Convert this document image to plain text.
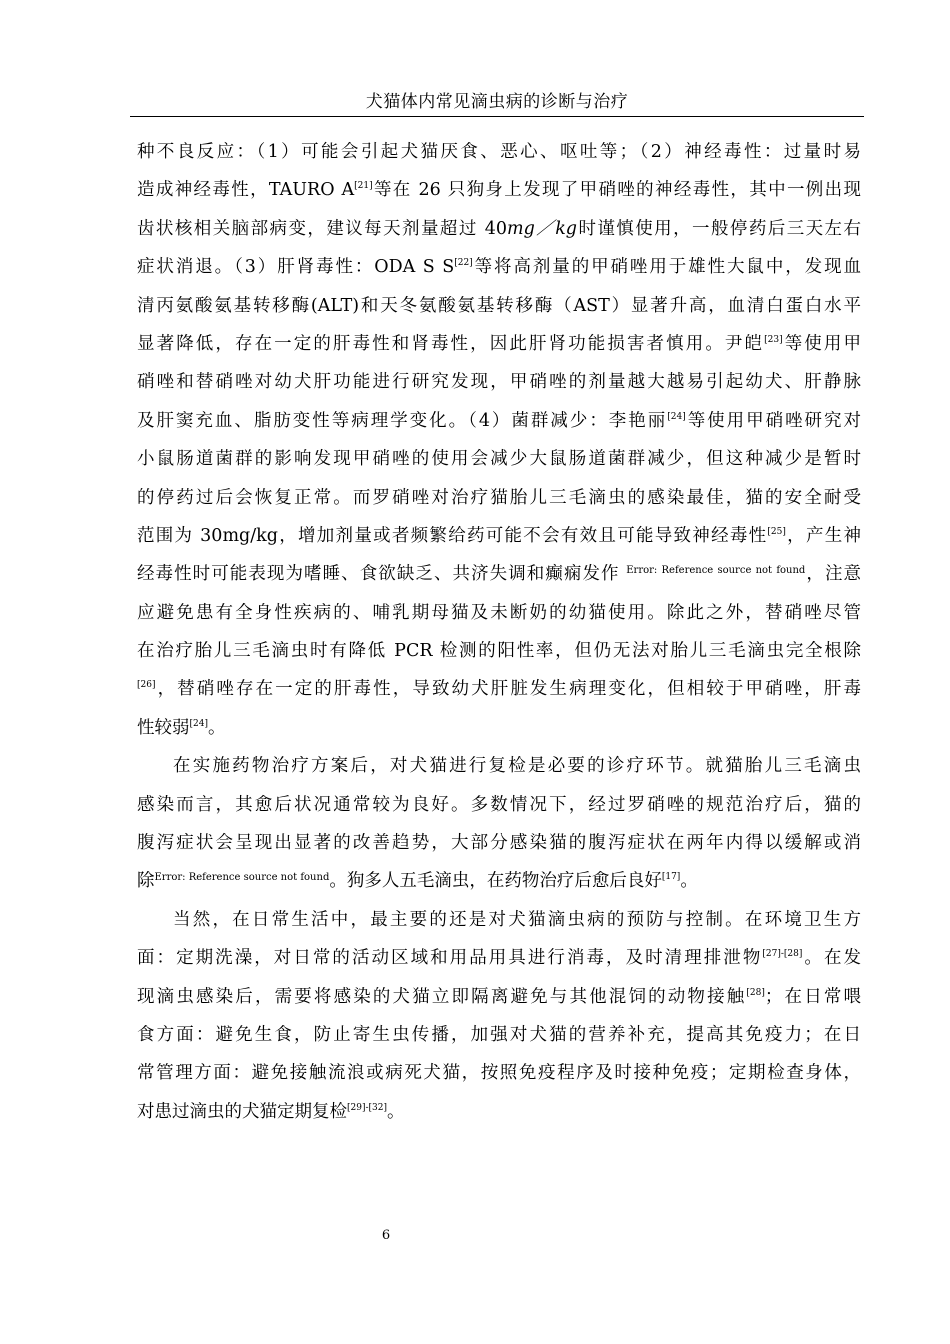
犬猫体内常见滴虫病的诊断与治疗
种不良反应：（1）可能会引起犬猫厌食、恶心、呕吐等；（2）神经毒性：过量时易
造成神经毒性，TAURO A[21]等在 26 只狗身上发现了甲硝唑的神经毒性，其中一例出现
齿状核相关脑部病变，建议每天剂量超过 40mg／kg时谨慎使用，一般停药后三天左右
症状消退。（3）肝肾毒性：ODA S S[22]等将高剂量的甲硝唑用于雄性大鼠中，发现血
清丙氨酸氨基转移酶(ALT)和天冬氨酸氨基转移酶（AST）显著升高，血清白蛋白水平
显著降低，存在一定的肝毒性和肾毒性，因此肝肾功能损害者慎用。尹皑[23]等使用甲
硝唑和替硝唑对幼犬肝功能进行研究发现，甲硝唑的剂量越大越易引起幼犬、肝静脉
及肝窦充血、脂肪变性等病理学变化。（4）菌群减少：李艳丽[24]等使用甲硝唑研究对
小鼠肠道菌群的影响发现甲硝唑的使用会减少大鼠肠道菌群减少，但这种减少是暂时
的停药过后会恢复正常。而罗硝唑对治疗猫胎儿三毛滴虫的感染最佳，猫的安全耐受
范围为 30mg/kg，增加剂量或者频繁给药可能不会有效且可能导致神经毒性[25]，产生神
经毒性时可能表现为嗜睡、食欲缺乏、共济失调和癫痫发作 $^{Error: Reference source not found}$，注意
应避免患有全身性疾病的、哺乳期母猫及未断奶的幼猫使用。除此之外，替硝唑尽管
在治疗胎儿三毛滴虫时有降低 PCR 检测的阳性率，但仍无法对胎儿三毛滴虫完全根除
[26]，替硝唑存在一定的肝毒性，导致幼犬肝脏发生病理变化，但相较于甲硝唑，肝毒
性较弱[24]。
在实施药物治疗方案后，对犬猫进行复检是必要的诊疗环节。就猫胎儿三毛滴虫
感染而言，其愈后状况通常较为良好。多数情况下，经过罗硝唑的规范治疗后，猫的
腹泻症状会呈现出显著的改善趋势，大部分感染猫的腹泻症状在两年内得以缓解或消
除$^{Error: Reference source not found}$。狗多人五毛滴虫，在药物治疗后愈后良好[17]。
当然，在日常生活中，最主要的还是对犬猫滴虫病的预防与控制。在环境卫生方
面：定期洗澡，对日常的活动区域和用品用具进行消毒，及时清理排泄物[27]-[28]。在发
现滴虫感染后，需要将感染的犬猫立即隔离避免与其他混饲的动物接触[28]；在日常喂
食方面：避免生食，防止寄生虫传播，加强对犬猫的营养补充，提高其免疫力；在日
常管理方面：避免接触流浪或病死犬猫，按照免疫程序及时接种免疫；定期检查身体，
对患过滴虫的犬猫定期复检[29]-[32]。
6
